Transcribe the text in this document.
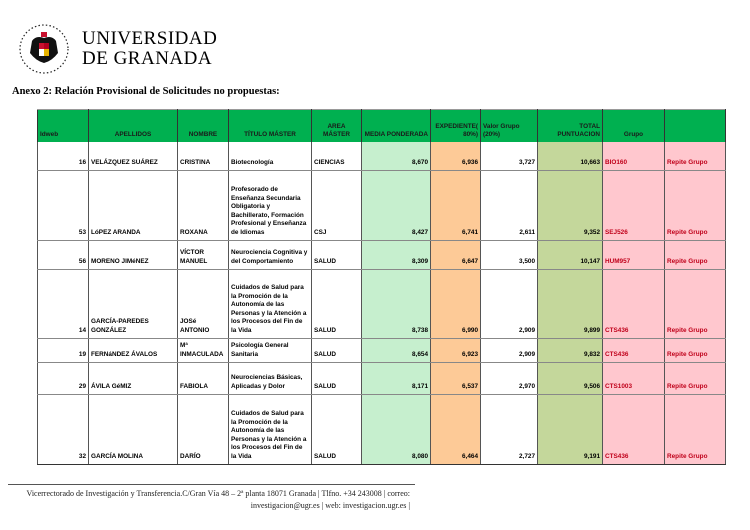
UNIVERSIDAD
DE GRANADA
Anexo 2: Relación Provisional de Solicitudes no propuestas:
Idweb	APELLIDOS	NOMBRE	TÍTULO MÁSTER	AREA MÁSTER	MEDIA PONDERADA	EXPEDIENTE( 80%)	Valor Grupo (20%)	TOTAL PUNTUACION	Grupo	
16	VELÁZQUEZ SUÁREZ	CRISTINA	Biotecnología	CIENCIAS	8,670	6,936	3,727	10,663	BIO160	Repite Grupo
53	LóPEZ ARANDA	ROXANA	Profesorado de Enseñanza Secundaria Obligatoria y Bachillerato, Formación Profesional y Enseñanza de Idiomas	CSJ	8,427	6,741	2,611	9,352	SEJ526	Repite Grupo
56	MORENO JIMéNEZ	VÍCTOR MANUEL	Neurociencia Cognitiva y del Comportamiento	SALUD	8,309	6,647	3,500	10,147	HUM957	Repite Grupo
14	GARCÍA-PAREDES GONZÁLEZ	JOSé ANTONIO	Cuidados de Salud para la Promoción de la Autonomía de las Personas y la Atención a los Procesos del Fin de la Vida	SALUD	8,738	6,990	2,909	9,899	CTS436	Repite Grupo
19	FERNáNDEZ ÁVALOS	Mª INMACULADA	Psicología General Sanitaria	SALUD	8,654	6,923	2,909	9,832	CTS436	Repite Grupo
29	ÁVILA GéMIZ	FABIOLA	Neurociencias Básicas, Aplicadas y Dolor	SALUD	8,171	6,537	2,970	9,506	CTS1003	Repite Grupo
32	GARCÍA MOLINA	DARÍO	Cuidados de Salud para la Promoción de la Autonomía de las Personas y la Atención a los Procesos del Fin de la Vida	SALUD	8,080	6,464	2,727	9,191	CTS436	Repite Grupo
Vicerrectorado de Investigación y Transferencia.C/Gran Vía 48 – 2ª planta 18071 Granada | Tlfno. +34 243008 | correo:
investigacion@ugr.es | web: investigacion.ugr.es |
